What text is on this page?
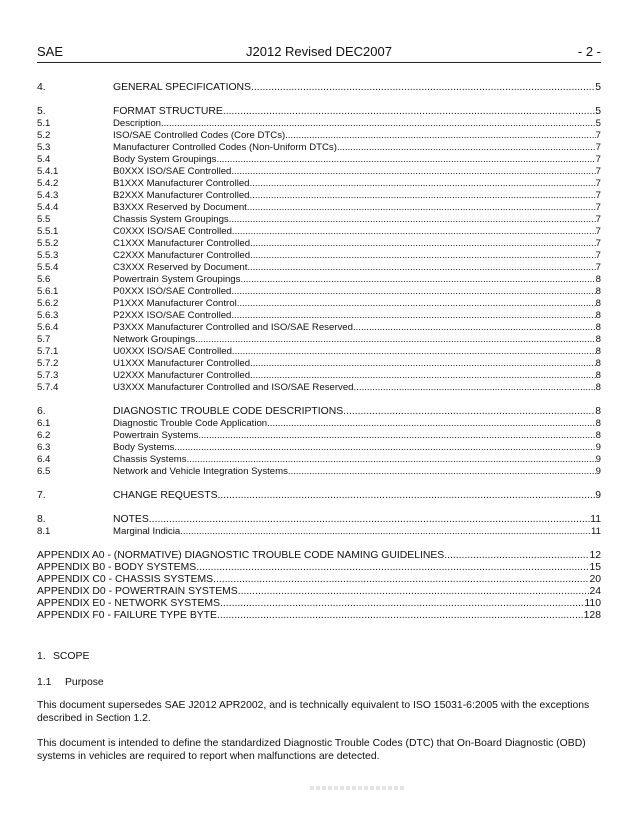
SAE	J2012 Revised DEC2007	- 2 -
4.	GENERAL SPECIFICATIONS .....	5
5.	FORMAT STRUCTURE .....	5
5.1	Description .....	5
5.2	ISO/SAE Controlled Codes (Core DTCs) .....	7
5.3	Manufacturer Controlled Codes (Non-Uniform DTCs) .....	7
5.4	Body System Groupings .....	7
5.4.1	B0XXX ISO/SAE Controlled .....	7
5.4.2	B1XXX Manufacturer Controlled .....	7
5.4.3	B2XXX Manufacturer Controlled .....	7
5.4.4	B3XXX Reserved by Document .....	7
5.5	Chassis System Groupings .....	7
5.5.1	C0XXX ISO/SAE Controlled .....	7
5.5.2	C1XXX Manufacturer Controlled .....	7
5.5.3	C2XXX Manufacturer Controlled .....	7
5.5.4	C3XXX Reserved by Document .....	7
5.6	Powertrain System Groupings .....	8
5.6.1	P0XXX ISO/SAE Controlled .....	8
5.6.2	P1XXX Manufacturer Control .....	8
5.6.3	P2XXX ISO/SAE Controlled .....	8
5.6.4	P3XXX Manufacturer Controlled and ISO/SAE Reserved .....	8
5.7	Network Groupings .....	8
5.7.1	U0XXX ISO/SAE Controlled .....	8
5.7.2	U1XXX Manufacturer Controlled .....	8
5.7.3	U2XXX Manufacturer Controlled .....	8
5.7.4	U3XXX Manufacturer Controlled and ISO/SAE Reserved .....	8
6.	DIAGNOSTIC TROUBLE CODE DESCRIPTIONS .....	8
6.1	Diagnostic Trouble Code Application .....	8
6.2	Powertrain Systems .....	8
6.3	Body Systems .....	9
6.4	Chassis Systems .....	9
6.5	Network and Vehicle Integration Systems .....	9
7.	CHANGE REQUESTS .....	9
8.	NOTES .....	11
8.1	Marginal Indicia .....	11
APPENDIX A0 - (NORMATIVE) DIAGNOSTIC TROUBLE CODE NAMING GUIDELINES .....	12
APPENDIX B0 - BODY SYSTEMS .....	15
APPENDIX C0 - CHASSIS SYSTEMS .....	20
APPENDIX D0 - POWERTRAIN SYSTEMS .....	24
APPENDIX E0 - NETWORK SYSTEMS .....	110
APPENDIX F0 - FAILURE TYPE BYTE .....	128
1. SCOPE
1.1 Purpose
This document supersedes SAE J2012 APR2002, and is technically equivalent to ISO 15031-6:2005 with the exceptions described in Section 1.2.
This document is intended to define the standardized Diagnostic Trouble Codes (DTC) that On-Board Diagnostic (OBD) systems in vehicles are required to report when malfunctions are detected.
